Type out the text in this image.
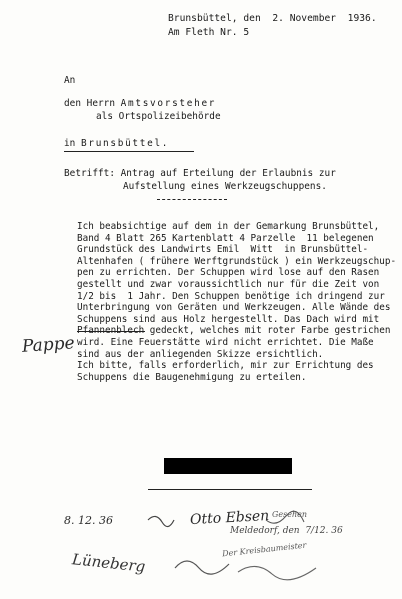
Brunsbüttel, den  2. November  1936.
Am Fleth Nr. 5
An
den Herrn Amtsvorsteher
als Ortspolizeibehörde
in Brunsbüttel.
Betrifft: Antrag auf Erteilung der Erlaubnis zur
Aufstellung eines Werkzeugschuppens.
Ich beabsichtige auf dem in der Gemarkung Brunsbüttel,
Band 4 Blatt 265 Kartenblatt 4 Parzelle  11 belegenen
Grundstück des Landwirts Emil  Witt  in Brunsbüttel-
Altenhafen ( frühere Werftgrundstück ) ein Werkzeugschup-
pen zu errichten. Der Schuppen wird lose auf den Rasen
gestellt und zwar voraussichtlich nur für die Zeit von
1/2 bis  1 Jahr. Den Schuppen benötige ich dringend zur
Unterbringung von Geräten und Werkzeugen. Alle Wände des
Schuppens sind aus Holz hergestellt. Das Dach wird mit
Pfannenblech gedeckt, welches mit roter Farbe gestrichen
wird. Eine Feuerstätte wird nicht errichtet. Die Maße
sind aus der anliegenden Skizze ersichtlich.
Ich bitte, falls erforderlich, mir zur Errichtung des
Schuppens die Baugenehmigung zu erteilen.
Pappe
8. 12. 36	Otto Ebsen Gesehen
Meldedorf, den  7/12. 36
Der Kreisbaumeister
Lüneberg
